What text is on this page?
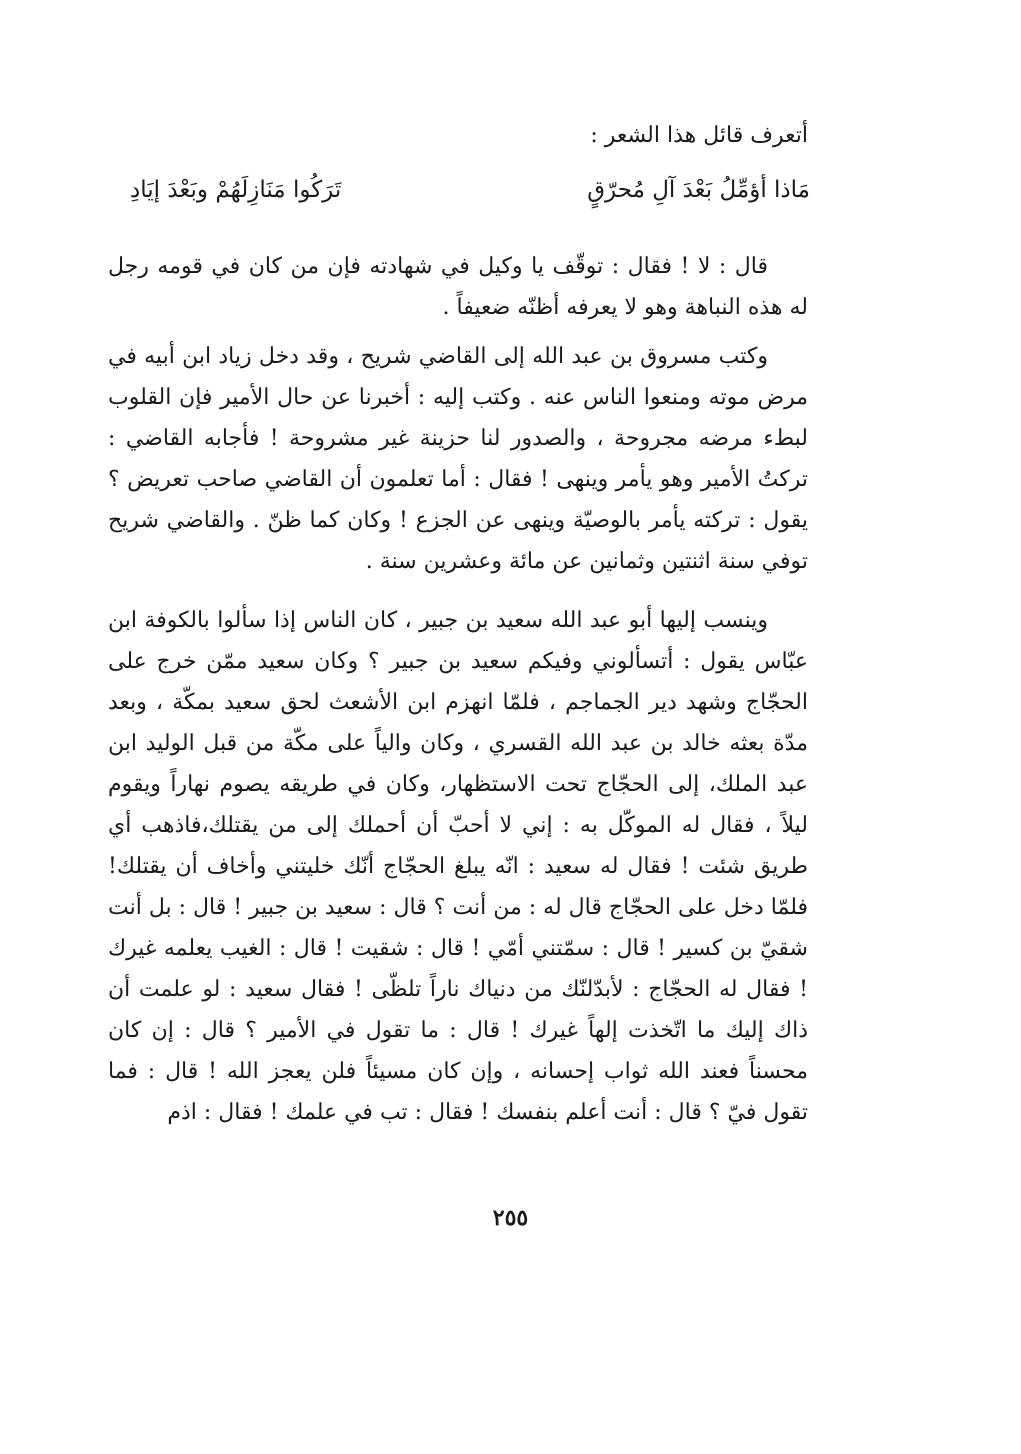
أتعرف قائل هذا الشعر :
مَاذا أؤمِّلُ بَعْدَ آلِ مُحرّقٍ
تَرَكُوا مَنَازِلَهُمْ وبَعْدَ إيَادِ

قال : لا ! فقال : توقّف يا وكيل في شهادته فإن من كان في قومه رجل له هذه النباهة وهو لا يعرفه أظنّه ضعيفاً .

وكتب مسروق بن عبد الله إلى القاضي شريح ، وقد دخل زياد ابن أبيه في مرض موته ومنعوا الناس عنه . وكتب إليه : أخبرنا عن حال الأمير فإن القلوب لبطء مرضه مجروحة ، والصدور لنا حزينة غير مشروحة ! فأجابه القاضي : تركتُ الأمير وهو يأمر وينهى ! فقال : أما تعلمون أن القاضي صاحب تعريض ؟ يقول : تركته يأمر بالوصيّة وينهى عن الجزع ! وكان كما ظنّ . والقاضي شريح توفي سنة اثنتين وثمانين عن مائة وعشرين سنة .

وينسب إليها أبو عبد الله سعيد بن جبير ، كان الناس إذا سألوا بالكوفة ابن عبّاس يقول : أتسألوني وفيكم سعيد بن جبير ؟ وكان سعيد ممّن خرج على الحجّاج وشهد دير الجماجم ، فلمّا انهزم ابن الأشعث لحق سعيد بمكّة ، وبعد مدّة بعثه خالد بن عبد الله القسري ، وكان والياً على مكّة من قبل الوليد ابن عبد الملك، إلى الحجّاج تحت الاستظهار، وكان في طريقه يصوم نهاراً ويقوم ليلاً ، فقال له الموكّل به : إني لا أحبّ أن أحملك إلى من يقتلك،فاذهب أي طريق شئت ! فقال له سعيد : انّه يبلغ الحجّاج أنّك خليتني وأخاف أن يقتلك! فلمّا دخل على الحجّاج قال له : من أنت ؟ قال : سعيد بن جبير ! قال : بل أنت شقيّ بن كسير ! قال : سمّتني أمّي ! قال : شقيت ! قال : الغيب يعلمه غيرك ! فقال له الحجّاج : لأبدّلنّك من دنياك ناراً تلظّى ! فقال سعيد : لو علمت أن ذاك إليك ما اتّخذت إلهاً غيرك ! قال : ما تقول في الأمير ؟ قال : إن كان محسناً فعند الله ثواب إحسانه ، وإن كان مسيئاً فلن يعجز الله ! قال : فما تقول فيّ ؟ قال : أنت أعلم بنفسك ! فقال : تب في علمك ! فقال : اذم

٢٥٥
